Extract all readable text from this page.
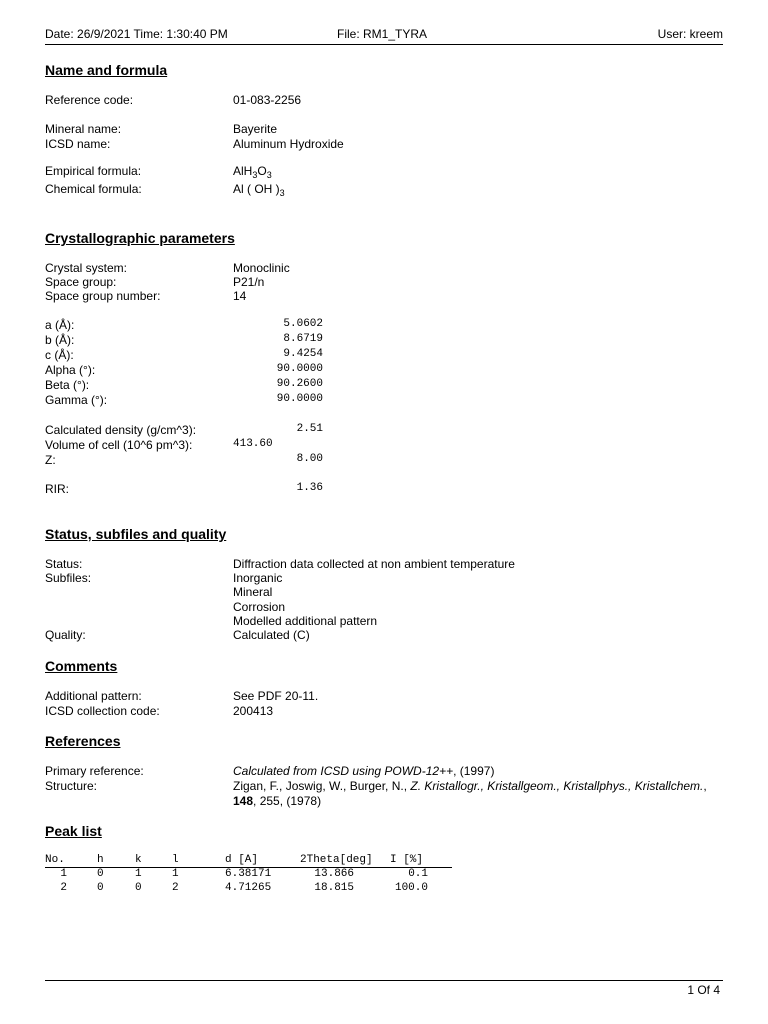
Date: 26/9/2021 Time: 1:30:40 PM	File: RM1_TYRA	User: kreem
Name and formula
Reference code:	01-083-2256
Mineral name:	Bayerite
ICSD name:	Aluminum Hydroxide
Empirical formula:	$AlH_3O_3$
Chemical formula:	Al ( OH )$_3$
Crystallographic parameters
Crystal system:	Monoclinic
Space group:	P21/n
Space group number:	14
a (Å):	5.0602
b (Å):	8.6719
c (Å):	9.4254
Alpha (°):	90.0000
Beta (°):	90.2600
Gamma (°):	90.0000
Calculated density (g/cm^3):	2.51
Volume of cell (10^6 pm^3):	413.60
Z:	8.00
RIR:	1.36
Status, subfiles and quality
Status:	Diffraction data collected at non ambient temperature
Subfiles:	Inorganic
Mineral
Corrosion
Modelled additional pattern
Quality:	Calculated (C)
Comments
Additional pattern:	See PDF 20-11.
ICSD collection code:	200413
References
Primary reference:	Calculated from ICSD using POWD-12++, (1997)
Structure:	Zigan, F., Joswig, W., Burger, N., Z. Kristallogr., Kristallgeom., Kristallphys., Kristallchem., 148, 255, (1978)
Peak list
No.	h	k	l	d [A]	2Theta[deg] I [%]
1	0	1	1	6.38171	13.866	0.1
2	0	0	2	4.71265	18.815	100.0
1 Of 4
